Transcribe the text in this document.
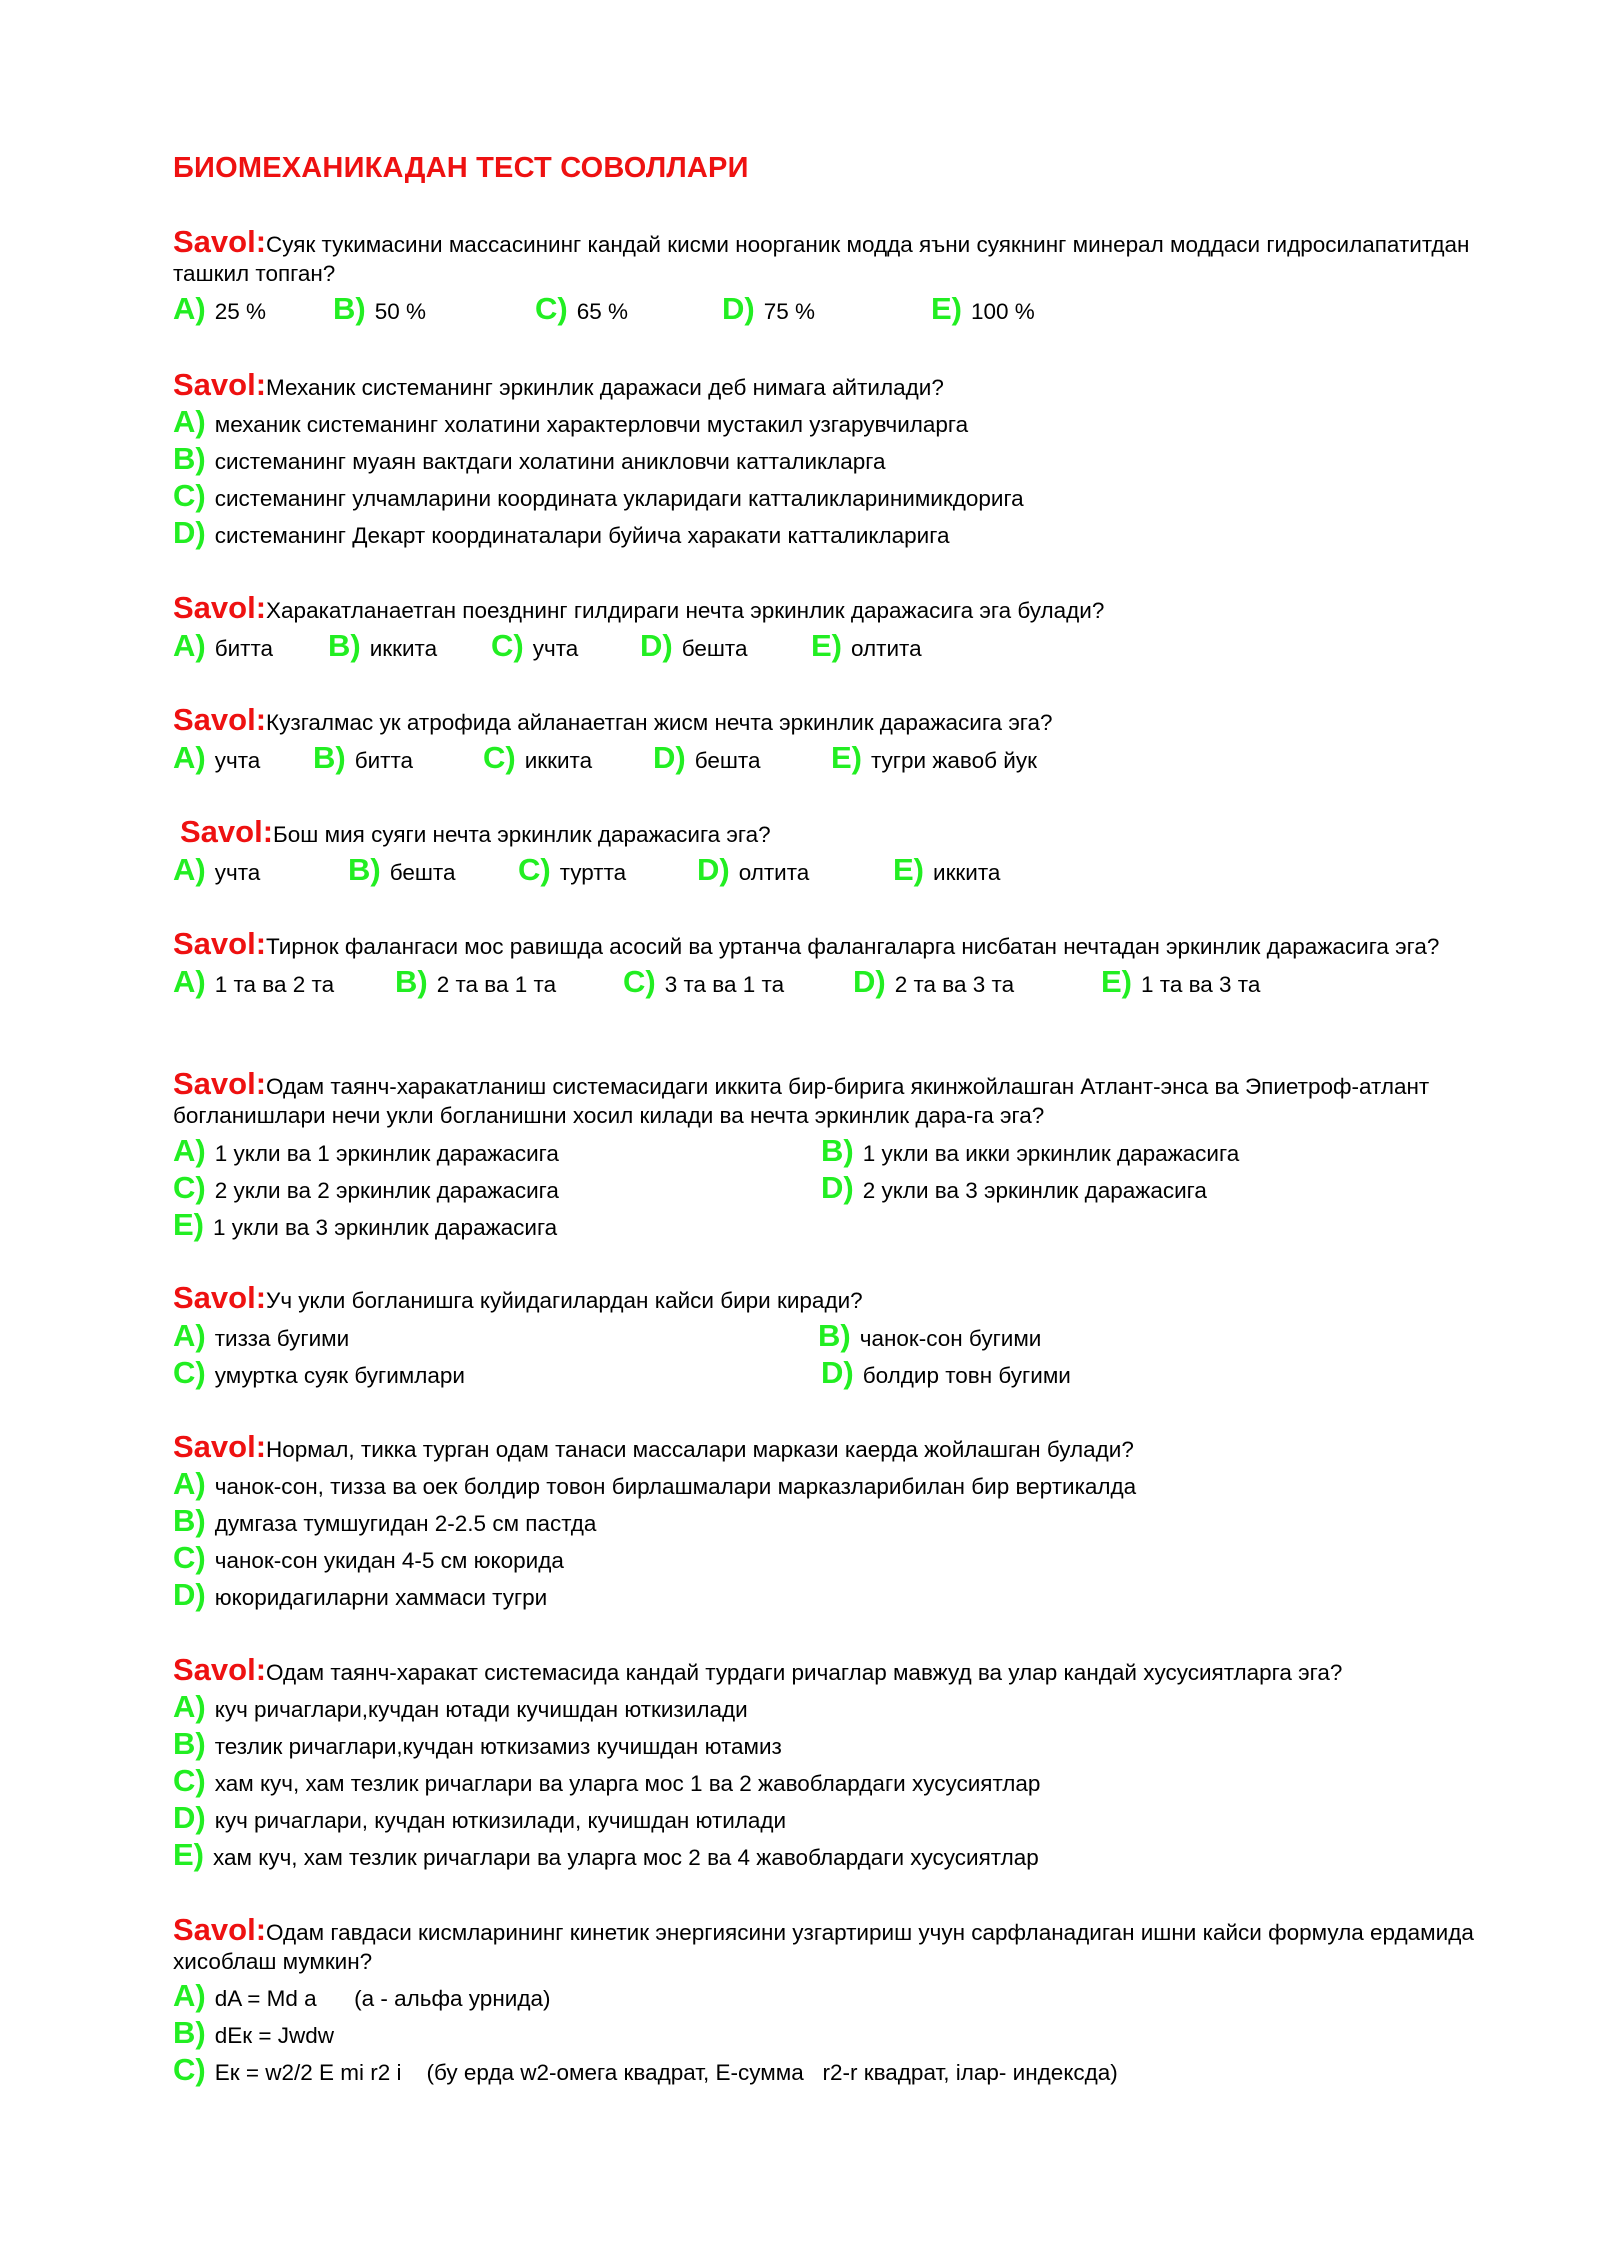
БИОМЕХАНИКАДАН ТЕСТ СОВОЛЛАРИ
Savol:Суяк тукимасини массасининг кандай кисми ноорганик модда яъни суякнинг минерал моддаси гидросилапатитдан ташкил топган?
A) 25 % B) 50 %	C) 65 %	D) 75 %	E) 100 %
Savol:Механик системанинг эркинлик даражаси деб нимага айтилади?
A) механик системанинг холатини характерловчи мустакил узгарувчиларга
B) системанинг муаян вактдаги холатини аникловчи катталикларга
C) системанинг улчамларини координата укларидаги катталикларинимикдорига
D) системанинг Декарт координаталари буйича харакати катталикларига
Savol:Харакатланаетган поезднинг гилдираги нечта эркинлик даражасига эга булади?
A) битта B) иккита C) учта D) бешта E) олтита
Savol:Кузгалмас ук атрофида айланаетган жисм нечта эркинлик даражасига эга?
A) учта B) битта C) иккита D) бешта E) тугри жавоб йук
Savol:Бош мия суяги нечта эркинлик даражасига эга?
A) учта	B) бешта C) туртта D) олтита	E) иккита
Savol:Тирнок фалангаси мос равишда асосий ва уртанча фалангаларга нисбатан нечтадан эркинлик даражасига эга?
A) 1 та ва 2 та B) 2 та ва 1 та C) 3 та ва 1 та D) 2 та ва 3 та	E) 1 та ва 3 та
Savol:Одам таянч-харакатланиш системасидаги иккита бир-бирига якинжойлашган Атлант-энса ва Эпиетроф-атлант богланишлари нечи укли богланишни хосил килади ва нечта эркинлик дара-га эга?
A) 1 укли ва 1 эркинлик даражасига	B) 1 укли ва икки эркинлик даражасига
C) 2 укли ва 2 эркинлик даражасига	D) 2 укли ва 3 эркинлик даражасига
E) 1 укли ва 3 эркинлик даражасига
Savol:Уч укли богланишга куйидагилардан кайси бири киради?
A) тизза бугими	B) чанок-сон бугими
C) умуртка суяк бугимлари	D) болдир товн бугими
Savol:Нормал, тикка турган одам танаси массалари маркази каерда жойлашган булади?
A) чанок-сон, тизза ва оек болдир товон бирлашмалари марказларибилан бир вертикалда
B) думгаза тумшугидан 2-2.5 см пастда
C) чанок-сон укидан 4-5 см юкорида
D) юкоридагиларни хаммаси тугри
Savol:Одам таянч-харакат системасида кандай турдаги ричаглар мавжуд ва улар кандай хусусиятларга эга?
A) куч ричаглари,кучдан ютади кучишдан юткизилади
B) тезлик ричаглари,кучдан юткизамиз кучишдан ютамиз
C) хам куч, хам тезлик ричаглари ва уларга мос 1 ва 2 жавоблардаги хусусиятлар
D) куч ричаглари, кучдан юткизилади, кучишдан ютилади
E) хам куч, хам тезлик ричаглари ва уларга мос 2 ва 4 жавоблардаги хусусиятлар
Savol:Одам гавдаси кисмларининг кинетик энергиясини узгартириш учун сарфланадиган ишни кайси формула ердамида хисоблаш мумкин?
A) dA = Md a      (a - альфа урнида)
B) dEк = Jwdw
C) Eк = w2/2 E mi r2 i    (бу ерда w2-омега квадрат, E-сумма   r2-r квадрат, iлар- индексда)
